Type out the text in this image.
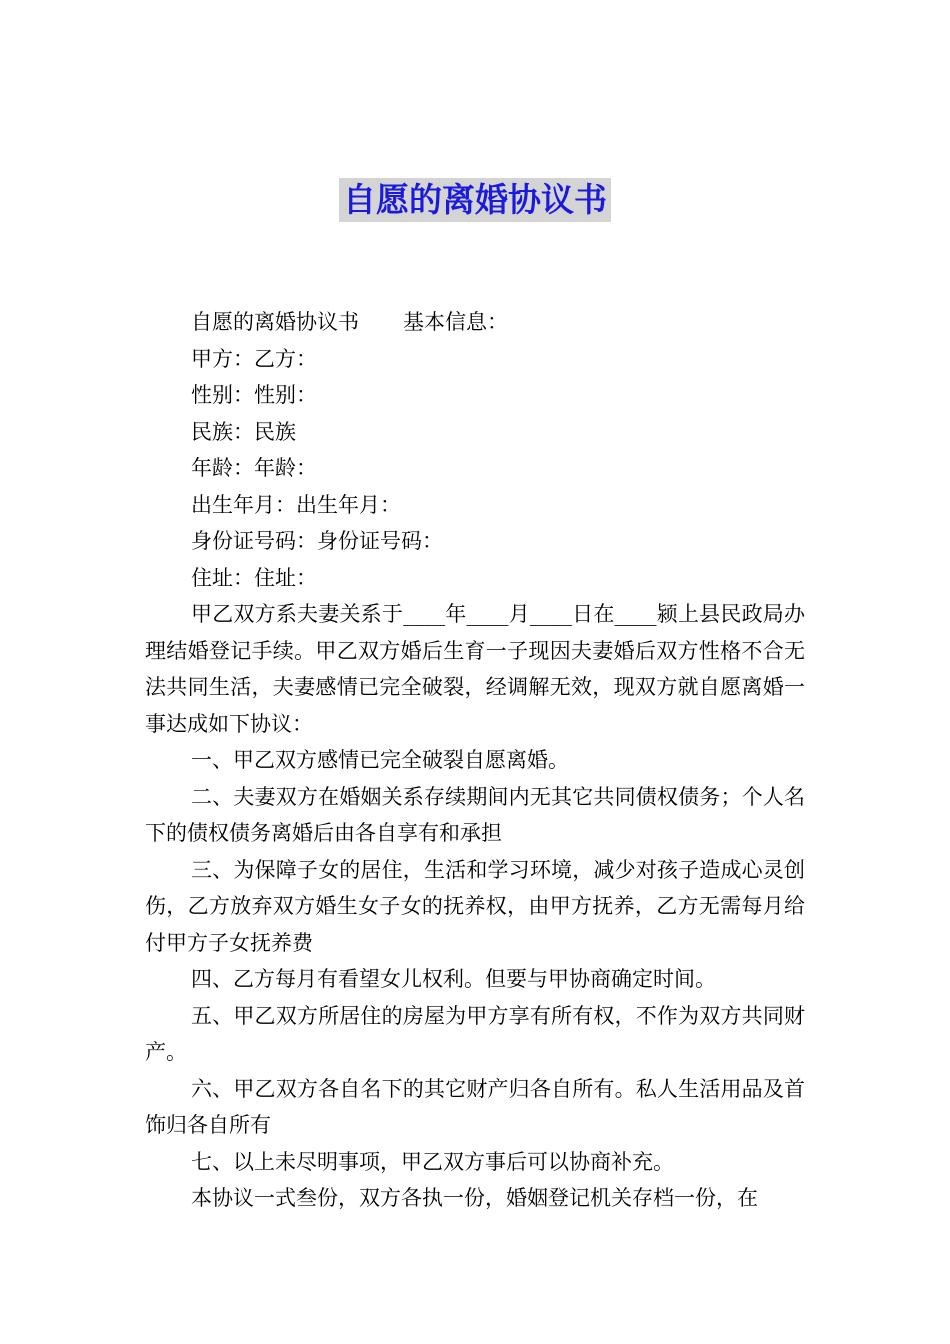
自愿的离婚协议书

自愿的离婚协议书 基本信息：

甲方：乙方：

性别：性别：

民族：民族

年龄：年龄：

出生年月：出生年月：

身份证号码：身份证号码：

住址：住址：

甲乙双方系夫妻关系于____年____月____日在____颍上县民政局办理结婚登记手续。甲乙双方婚后生育一子现因夫妻婚后双方性格不合无法共同生活，夫妻感情已完全破裂，经调解无效，现双方就自愿离婚一事达成如下协议：

一、甲乙双方感情已完全破裂自愿离婚。

二、夫妻双方在婚姻关系存续期间内无其它共同债权债务；个人名下的债权债务离婚后由各自享有和承担

三、为保障子女的居住，生活和学习环境，减少对孩子造成心灵创伤，乙方放弃双方婚生女子女的抚养权，由甲方抚养，乙方无需每月给付甲方子女抚养费

四、乙方每月有看望女儿权利。但要与甲协商确定时间。

五、甲乙双方所居住的房屋为甲方享有所有权，不作为双方共同财产。

六、甲乙双方各自名下的其它财产归各自所有。私人生活用品及首饰归各自所有

七、以上未尽明事项，甲乙双方事后可以协商补充。

本协议一式叁份，双方各执一份，婚姻登记机关存档一份，在
